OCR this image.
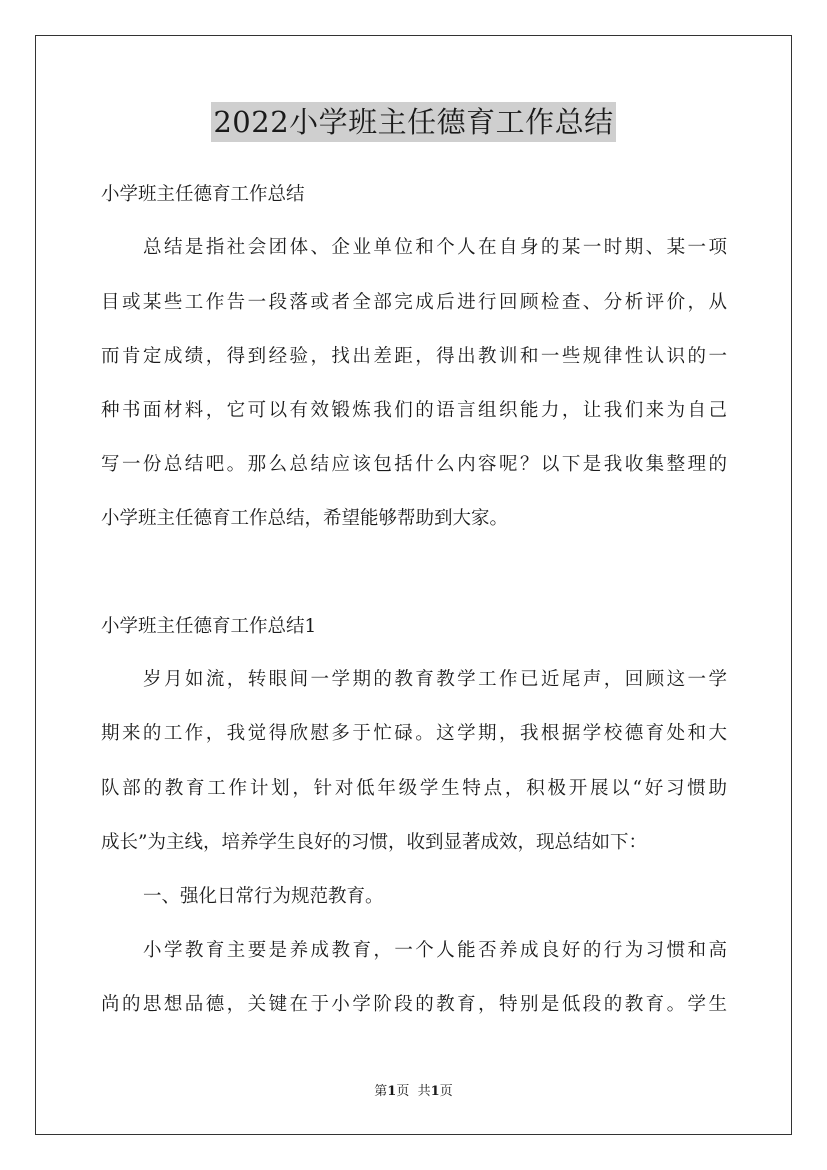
2022小学班主任德育工作总结
小学班主任德育工作总结
总结是指社会团体、企业单位和个人在自身的某一时期、某一项
目或某些工作告一段落或者全部完成后进行回顾检查、分析评价，从
而肯定成绩，得到经验，找出差距，得出教训和一些规律性认识的一
种书面材料，它可以有效锻炼我们的语言组织能力，让我们来为自己
写一份总结吧。那么总结应该包括什么内容呢？以下是我收集整理的
小学班主任德育工作总结，希望能够帮助到大家。
小学班主任德育工作总结1
岁月如流，转眼间一学期的教育教学工作已近尾声，回顾这一学
期来的工作，我觉得欣慰多于忙碌。这学期，我根据学校德育处和大
队部的教育工作计划，针对低年级学生特点，积极开展以“好习惯助
成长”为主线，培养学生良好的习惯，收到显著成效，现总结如下：
一、强化日常行为规范教育。
小学教育主要是养成教育，一个人能否养成良好的行为习惯和高
尚的思想品德，关键在于小学阶段的教育，特别是低段的教育。学生
第1页 共1页
